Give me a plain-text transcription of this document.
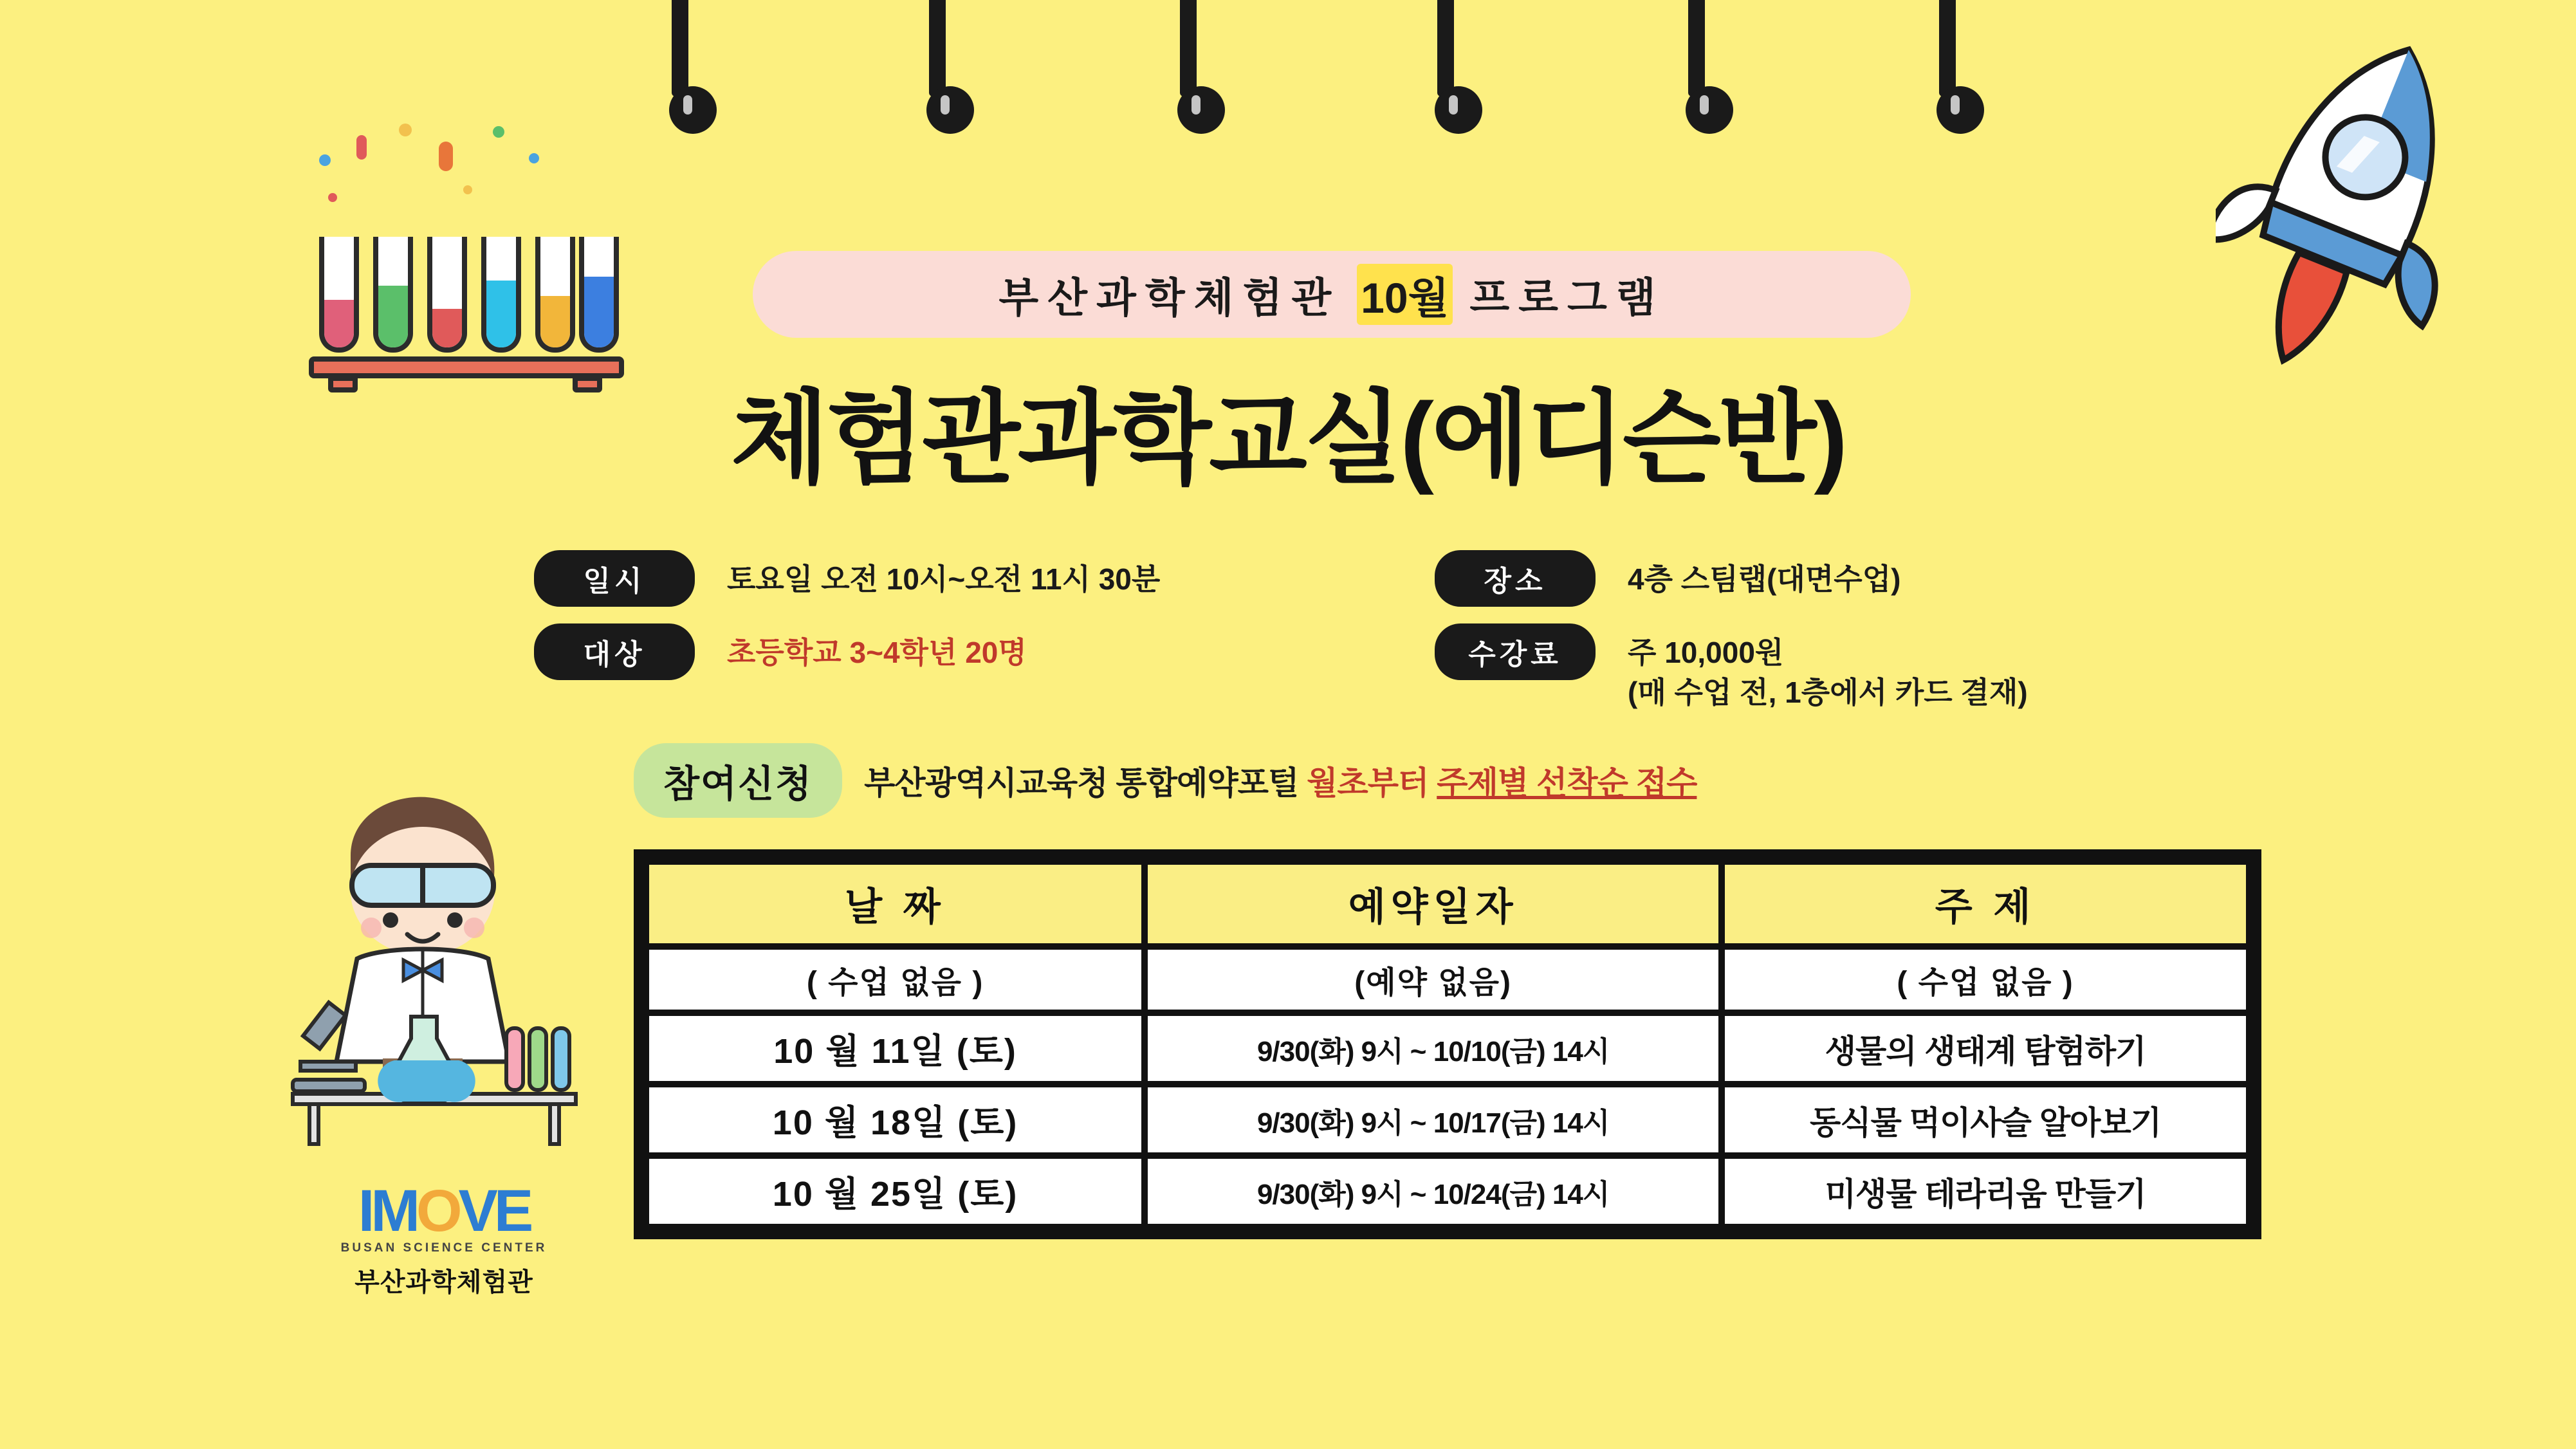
부산과학체험관 10월 프로그램
체험관과학교실(에디슨반)
일시	토요일 오전 10시~오전 11시 30분	장소	4층 스팀랩(대면수업)
대상	초등학교 3~4학년 20명	수강료	주 10,000원
(매 수업 전, 1층에서 카드 결재)
참여신청	부산광역시교육청 통합예약포털 월초부터 주제별 선착순 접수
날 짜	예약일자	주 제
( 수업 없음 )	(예약 없음)	( 수업 없음 )
10 월 11일 (토)	9/30(화) 9시 ~ 10/10(금) 14시	생물의 생태계 탐험하기
10 월 18일 (토)	9/30(화) 9시 ~ 10/17(금) 14시	동식물 먹이사슬 알아보기
10 월 25일 (토)	9/30(화) 9시 ~ 10/24(금) 14시	미생물 테라리움 만들기
IMOVE
BUSAN SCIENCE CENTER
부산과학체험관
